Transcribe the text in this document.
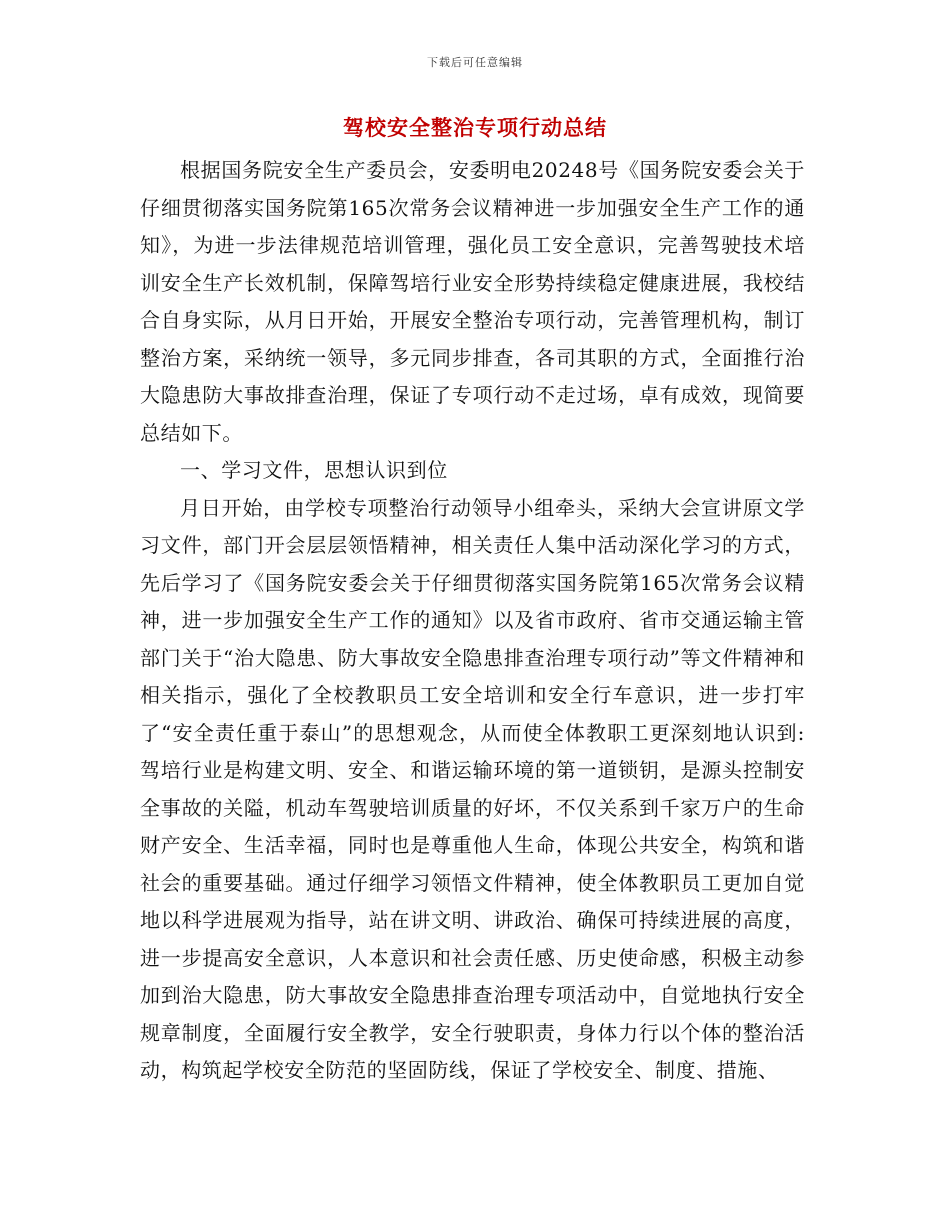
下载后可任意编辑
驾校安全整治专项行动总结

根据国务院安全生产委员会，安委明电20248号《国务院安委会关于仔细贯彻落实国务院第165次常务会议精神进一步加强安全生产工作的通知》，为进一步法律规范培训管理，强化员工安全意识，完善驾驶技术培训安全生产长效机制，保障驾培行业安全形势持续稳定健康进展，我校结合自身实际，从月日开始，开展安全整治专项行动，完善管理机构，制订整治方案，采纳统一领导，多元同步排查，各司其职的方式，全面推行治大隐患防大事故排查治理，保证了专项行动不走过场，卓有成效，现简要总结如下。

一、学习文件，思想认识到位

月日开始，由学校专项整治行动领导小组牵头，采纳大会宣讲原文学习文件，部门开会层层领悟精神，相关责任人集中活动深化学习的方式，先后学习了《国务院安委会关于仔细贯彻落实国务院第165次常务会议精神，进一步加强安全生产工作的通知》以及省市政府、省市交通运输主管部门关于“治大隐患、防大事故安全隐患排查治理专项行动”等文件精神和相关指示，强化了全校教职员工安全培训和安全行车意识，进一步打牢了“安全责任重于泰山”的思想观念，从而使全体教职工更深刻地认识到:驾培行业是构建文明、安全、和谐运输环境的第一道锁钥，是源头控制安全事故的关隘，机动车驾驶培训质量的好坏，不仅关系到千家万户的生命财产安全、生活幸福，同时也是尊重他人生命，体现公共安全，构筑和谐社会的重要基础。通过仔细学习领悟文件精神，使全体教职员工更加自觉地以科学进展观为指导，站在讲文明、讲政治、确保可持续进展的高度，进一步提高安全意识，人本意识和社会责任感、历史使命感，积极主动参加到治大隐患，防大事故安全隐患排查治理专项活动中，自觉地执行安全规章制度，全面履行安全教学，安全行驶职责，身体力行以个体的整治活动，构筑起学校安全防范的坚固防线，保证了学校安全、制度、措施、
